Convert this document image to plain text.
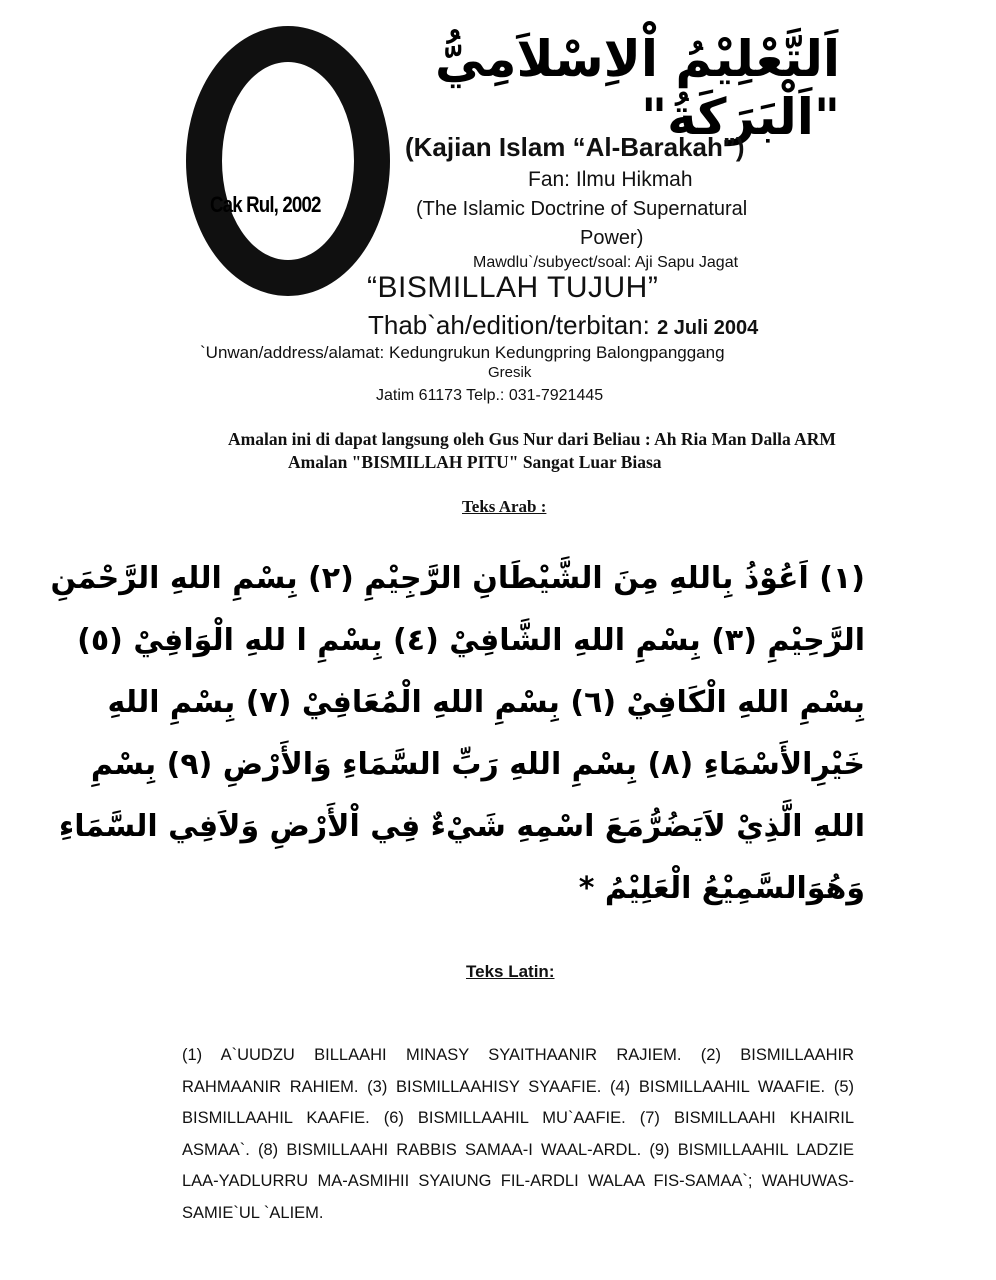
Cak Rul, 2002
اَلتَّعْلِيْمُ اْلاِسْلاَمِيُّ "اَلْبَرَكَةُ"
(Kajian Islam “Al-Barakah”)
Fan: Ilmu Hikmah
(The Islamic Doctrine of Supernatural
Power)
Mawdlu`/subyect/soal: Aji Sapu Jagat
“BISMILLAH TUJUH”
Thab`ah/edition/terbitan: 2 Juli 2004
`Unwan/address/alamat: Kedungrukun Kedungpring Balongpanggang
Gresik
Jatim 61173 Telp.: 031-7921445
Amalan ini di dapat langsung oleh Gus Nur dari Beliau : Ah Ria Man Dalla ARM
Amalan "BISMILLAH PITU" Sangat Luar Biasa
Teks Arab :
(١) اَعُوْذُ بِاللهِ مِنَ الشَّيْطَانِ الرَّجِيْمِ (٢) بِسْمِ اللهِ الرَّحْمَنِ
الرَّحِيْمِ (٣) بِسْمِ اللهِ الشَّافِيْ (٤) بِسْمِ ا للهِ الْوَافِيْ (٥)
بِسْمِ اللهِ الْكَافِيْ (٦) بِسْمِ اللهِ الْمُعَافِيْ (٧) بِسْمِ اللهِ
خَيْرِالأَسْمَاءِ (٨) بِسْمِ اللهِ رَبِّ السَّمَاءِ وَالأَرْضِ (٩) بِسْمِ
اللهِ الَّذِيْ لاَيَضُرُّمَعَ اسْمِهِ شَيْءٌ فِي اْلأَرْضِ وَلاَفِي السَّمَاءِ
وَهُوَالسَّمِيْعُ الْعَلِيْمُ *
Teks Latin:
(1) A`UUDZU BILLAAHI MINASY SYAITHAANIR RAJIEM. (2) BISMILLAAHIR RAHMAANIR RAHIEM. (3) BISMILLAAHISY SYAAFIE. (4) BISMILLAAHIL WAAFIE. (5) BISMILLAAHIL KAAFIE. (6) BISMILLAAHIL MU`AAFIE. (7) BISMILLAAHI KHAIRIL ASMAA`. (8) BISMILLAAHI RABBIS SAMAA-I WAAL-ARDL. (9) BISMILLAAHIL LADZIE LAA-YADLURRU MA-ASMIHII SYAIUNG FIL-ARDLI WALAA FIS-SAMAA`; WAHUWAS-SAMIE`UL `ALIEM.
